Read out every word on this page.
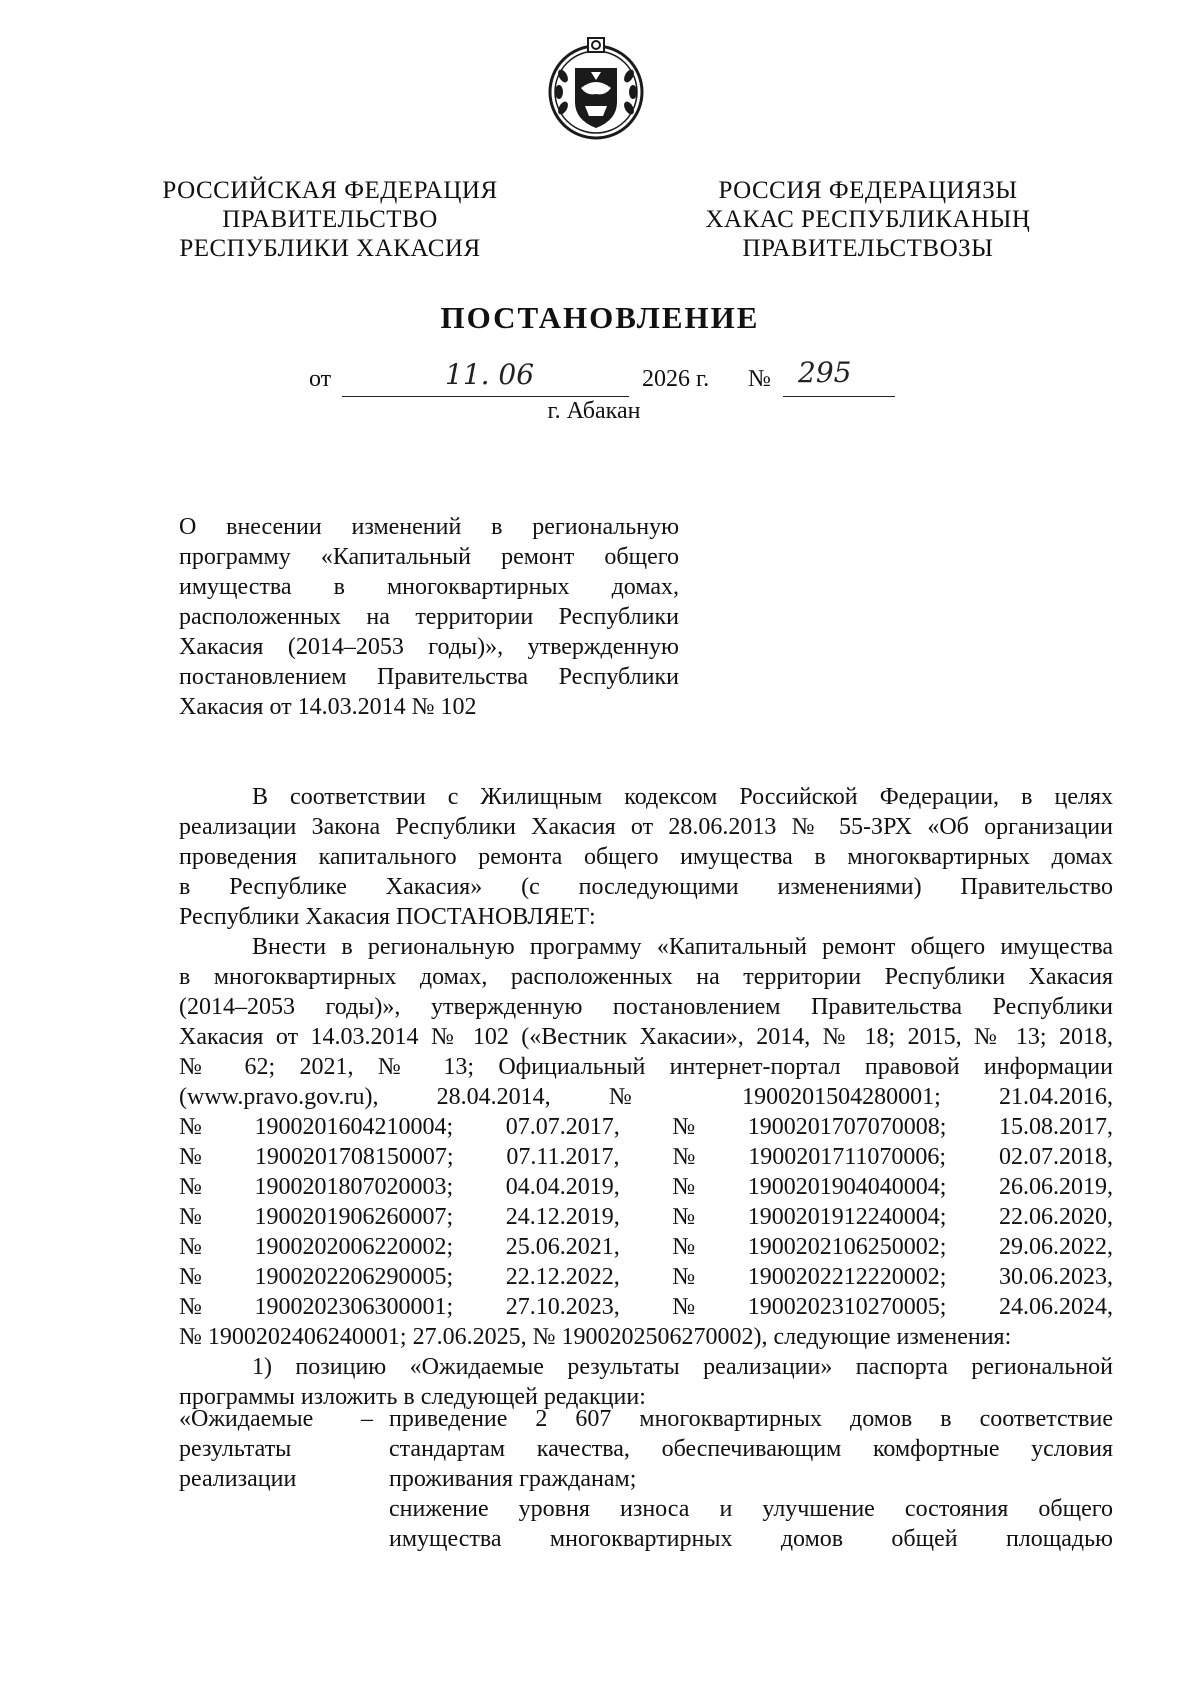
РОССИЙСКАЯ ФЕДЕРАЦИЯ
ПРАВИТЕЛЬСТВО
РЕСПУБЛИКИ ХАКАСИЯ
РОССИЯ ФЕДЕРАЦИЯЗЫ
ХАКАС РЕСПУБЛИКАНЫҢ
ПРАВИТЕЛЬСТВОЗЫ
ПОСТАНОВЛЕНИЕ
от	11. 06	2026 г. № 295
г. Абакан
О внесении изменений в региональную
программу «Капитальный ремонт общего
имущества в многоквартирных домах,
расположенных на территории Республики
Хакасия (2014–2053 годы)», утвержденную
постановлением Правительства Республики
Хакасия от 14.03.2014 № 102
В соответствии с Жилищным кодексом Российской Федерации, в целях
реализации Закона Республики Хакасия от 28.06.2013 № 55-ЗРХ «Об организации
проведения капитального ремонта общего имущества в многоквартирных домах
в Республике Хакасия» (с последующими изменениями) Правительство
Республики Хакасия ПОСТАНОВЛЯЕТ:
Внести в региональную программу «Капитальный ремонт общего имущества
в многоквартирных домах, расположенных на территории Республики Хакасия
(2014–2053 годы)», утвержденную постановлением Правительства Республики
Хакасия от 14.03.2014 № 102 («Вестник Хакасии», 2014, № 18; 2015, № 13; 2018,
№ 62; 2021, № 13; Официальный интернет-портал правовой информации
(www.pravo.gov.ru), 28.04.2014, № 1900201504280001; 21.04.2016,
№ 1900201604210004; 07.07.2017, № 1900201707070008; 15.08.2017,
№ 1900201708150007; 07.11.2017, № 1900201711070006; 02.07.2018,
№ 1900201807020003; 04.04.2019, № 1900201904040004; 26.06.2019,
№ 1900201906260007; 24.12.2019, № 1900201912240004; 22.06.2020,
№ 1900202006220002; 25.06.2021, № 1900202106250002; 29.06.2022,
№ 1900202206290005; 22.12.2022, № 1900202212220002; 30.06.2023,
№ 1900202306300001; 27.10.2023, № 1900202310270005; 24.06.2024,
№ 1900202406240001; 27.06.2025, № 1900202506270002), следующие изменения:
1) позицию «Ожидаемые результаты реализации» паспорта региональной
программы изложить в следующей редакции:
«Ожидаемые
результаты
реализации
– приведение 2 607 многоквартирных домов в соответствие
стандартам качества, обеспечивающим комфортные условия
проживания гражданам;
снижение уровня износа и улучшение состояния общего
имущества многоквартирных домов общей площадью
